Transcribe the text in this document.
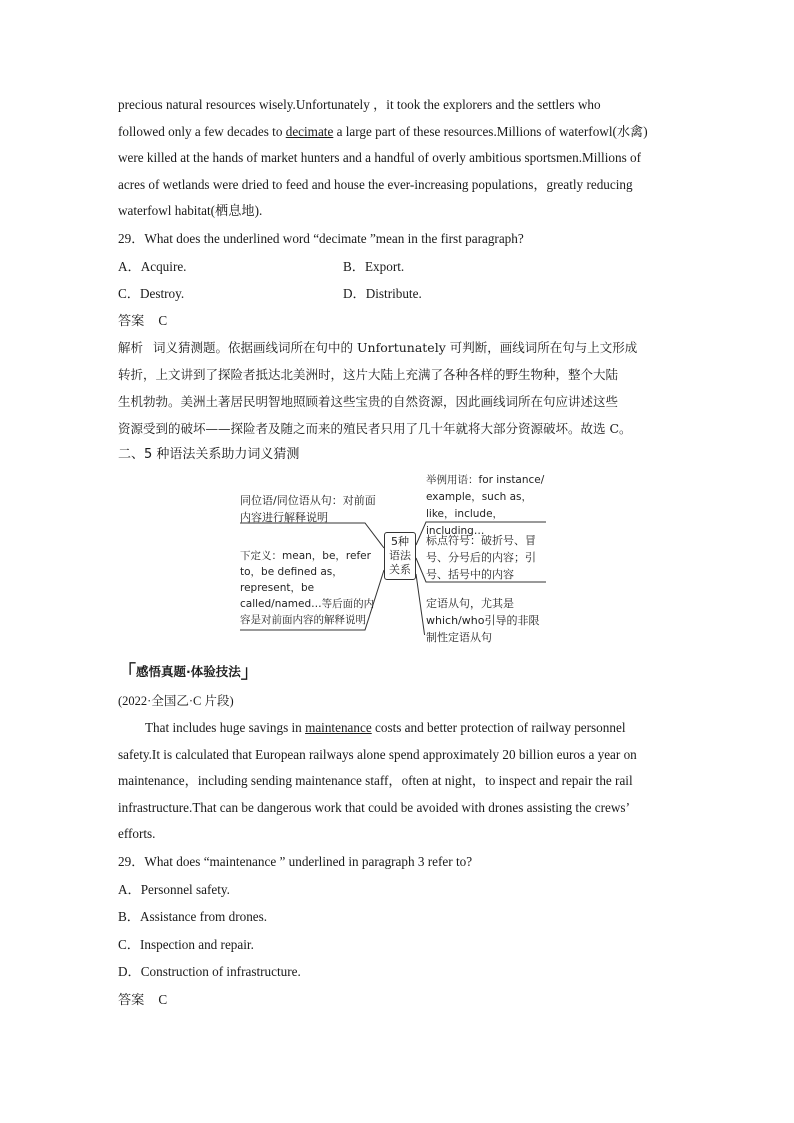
precious natural resources wisely.Unfortunately ，it took the explorers and the settlers who
followed only a few decades to decimate a large part of these resources.Millions of waterfowl(水禽)
were killed at the hands of market hunters and a handful of overly ambitious sportsmen.Millions of
acres of wetlands were dried to feed and house the ever-increasing populations，greatly reducing
waterfowl habitat(栖息地).

29．What does the underlined word “decimate ”mean in the first paragraph?
A．Acquire.	B．Export.
C．Destroy.	D．Distribute.
答案 C
解析 词义猜测题。依据画线词所在句中的 Unfortunately 可判断，画线词所在句与上文形成
转折，上文讲到了探险者抵达北美洲时，这片大陆上充满了各种各样的野生物种，整个大陆
生机勃勃。美洲土著居民明智地照顾着这些宝贵的自然资源，因此画线词所在句应讲述这些
资源受到的破坏——探险者及随之而来的殖民者只用了几十年就将大部分资源破坏。故选 C。
二、5 种语法关系助力词义猜测
同位语/同位语从句：对前面内容进行解释说明
下定义：mean，be，refer to，be defined as，represent，be called/named…等后面的内容是对前面内容的解释说明
5种语法关系
举例用语：for instance/ example，such as，like，include，including…
标点符号：破折号、冒号、分号后的内容；引号、括号中的内容
定语从句，尤其是which/who引导的非限制性定语从句
「感悟真题·体验技法」
(2022·全国乙·C 片段)

That includes huge savings in maintenance costs and better protection of railway personnel
safety.It is calculated that European railways alone spend approximately 20 billion euros a year on
maintenance，including sending maintenance staff，often at night，to inspect and repair the rail
infrastructure.That can be dangerous work that could be avoided with drones assisting the crews’
efforts.

29．What does “maintenance ” underlined in paragraph 3 refer to?
A．Personnel safety.
B．Assistance from drones.
C．Inspection and repair.
D．Construction of infrastructure.
答案 C
